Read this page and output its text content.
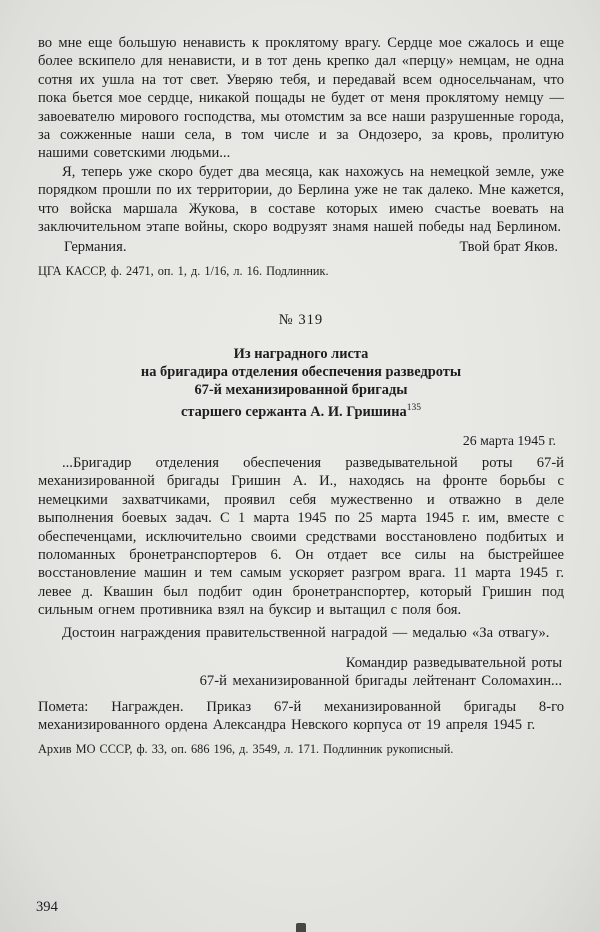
во мне еще большую ненависть к проклятому врагу. Сердце мое сжалось и еще более вскипело для ненависти, и в тот день крепко дал «перцу» немцам, не одна сотня их ушла на тот свет. Уверяю тебя, и передавай всем односельчанам, что пока бьется мое сердце, никакой пощады не будет от меня проклятому немцу — завоевателю мирового господства, мы отомстим за все наши разрушенные города, за сожженные наши села, в том числе и за Ондозеро, за кровь, пролитую нашими советскими людьми...

Я, теперь уже скоро будет два месяца, как нахожусь на немецкой земле, уже порядком прошли по их территории, до Берлина уже не так далеко. Мне кажется, что войска маршала Жукова, в составе которых имею счастье воевать на заключительном этапе войны, скоро водрузят знамя нашей победы над Берлином.

Германия.	Твой брат Яков.

ЦГА КАССР, ф. 2471, оп. 1, д. 1/16, л. 16. Подлинник.

№ 319
Из наградного листа
на бригадира отделения обеспечения разведроты
67-й механизированной бригады
старшего сержанта А. И. Гришина$^{135}$
26 марта 1945 г.

...Бригадир отделения обеспечения разведывательной роты 67-й механизированной бригады Гришин А. И., находясь на фронте борьбы с немецкими захватчиками, проявил себя мужественно и отважно в деле выполнения боевых задач. С 1 марта 1945 по 25 марта 1945 г. им, вместе с обеспеченцами, исключительно своими средствами восстановлено подбитых и поломанных бронетранспортеров 6. Он отдает все силы на быстрейшее восстановление машин и тем самым ускоряет разгром врага. 11 марта 1945 г. левее д. Квашин был подбит один бронетранспортер, который Гришин под сильным огнем противника взял на буксир и вытащил с поля боя.

Достоин награждения правительственной наградой — медалью «За отвагу».

Командир разведывательной роты
67-й механизированной бригады лейтенант Соломахин...

Помета: Награжден. Приказ 67-й механизированной бригады 8-го механизированного ордена Александра Невского корпуса от 19 апреля 1945 г.

Архив МО СССР, ф. 33, оп. 686 196, д. 3549, л. 171. Подлинник рукописный.

394
